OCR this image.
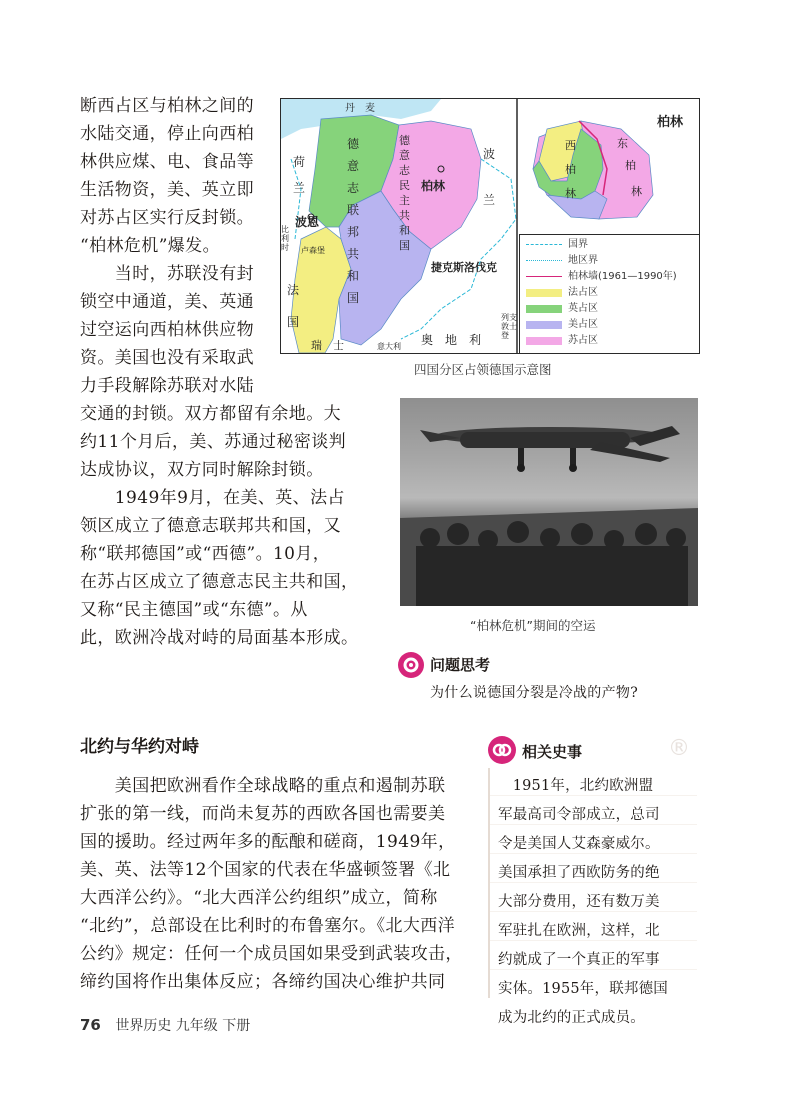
断西占区与柏林之间的

水陆交通，停止向西柏

林供应煤、电、食品等

生活物资，美、英立即

对苏占区实行反封锁。

“柏林危机”爆发。

　　当时，苏联没有封

锁空中通道，美、英通

过空运向西柏林供应物

资。美国也没有采取武

力手段解除苏联对水陆

交通的封锁。双方都留有余地。大

约11个月后，美、苏通过秘密谈判

达成协议，双方同时解除封锁。

　　1949年9月，在美、英、法占

领区成立了德意志联邦共和国，又

称“联邦德国”或“西德”。10月，

在苏占区成立了德意志民主共和国，

又称“民主德国”或“东德”。从

此，欧洲冷战对峙的局面基本形成。

丹　麦
荷
兰
波恩
比利时	卢森堡
法
国
德意志联邦共和国
德意志民主共和国
柏林
波
兰
捷克斯洛伐克
奥　地　利
瑞　士
列支敦士登
意大利
柏林
西
柏
林
东
柏
林
国界
地区界
柏林墙(1961—1990年)
法占区
英占区
美占区
苏占区
四国分区占领德国示意图
“柏林危机”期间的空运
问题思考
为什么说德国分裂是冷战的产物?
北约与华约对峙

　　美国把欧洲看作全球战略的重点和遏制苏联

扩张的第一线，而尚未复苏的西欧各国也需要美

国的援助。经过两年多的酝酿和磋商，1949年，

美、英、法等12个国家的代表在华盛顿签署《北

大西洋公约》。“北大西洋公约组织”成立，简称

“北约”，总部设在比利时的布鲁塞尔。《北大西洋

公约》规定：任何一个成员国如果受到武装攻击，

缔约国将作出集体反应；各缔约国决心维护共同

相关史事	®

　1951年，北约欧洲盟

军最高司令部成立，总司

令是美国人艾森豪威尔。

美国承担了西欧防务的绝

大部分费用，还有数万美

军驻扎在欧洲，这样，北

约就成了一个真正的军事

实体。1955年，联邦德国

成为北约的正式成员。

76 世界历史 九年级 下册
